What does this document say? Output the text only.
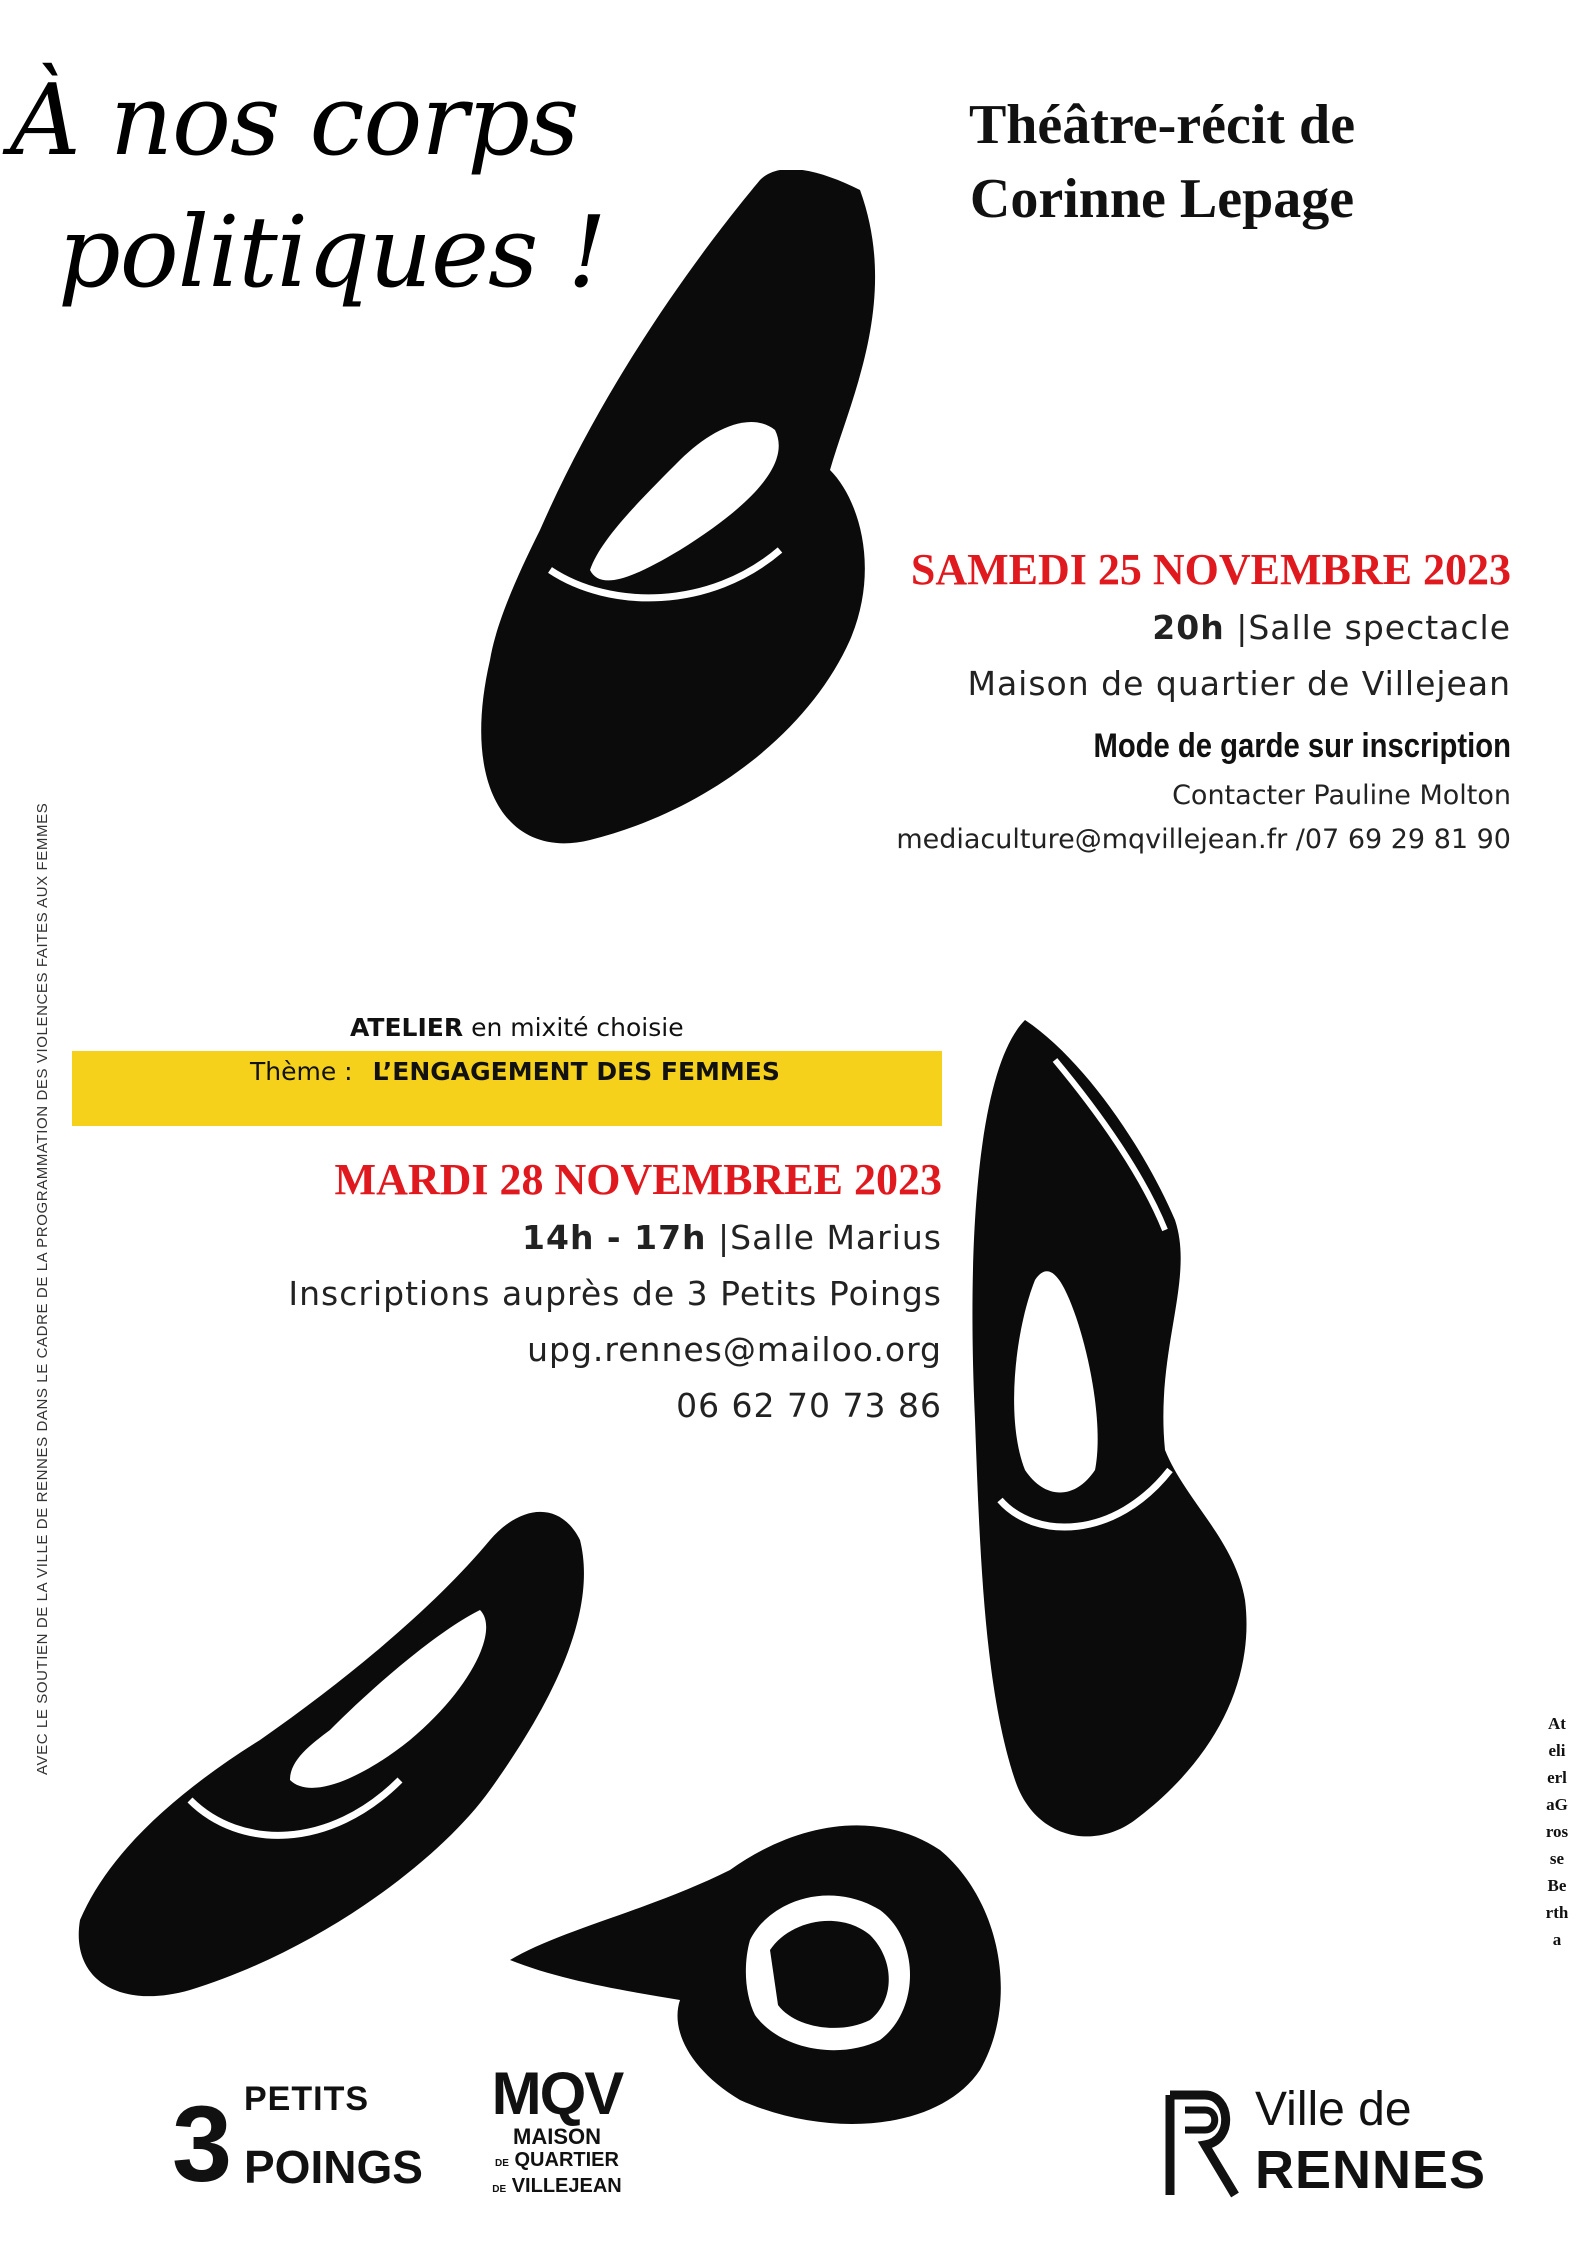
À nos corps
politiques !
Théâtre-récit de
Corinne Lepage
SAMEDI 25 NOVEMBRE 2023
20h |Salle spectacle
Maison de quartier de Villejean
Mode de garde sur inscription
Contacter Pauline Molton
mediaculture@mqvillejean.fr /07 69 29 81 90
ATELIER en mixité choisie
Thème : L’ENGAGEMENT DES FEMMES
MARDI 28 NOVEMBREE 2023
14h - 17h |Salle Marius
Inscriptions auprès de 3 Petits Poings
upg.rennes@mailoo.org
06 62 70 73 86
AVEC LE SOUTIEN DE LA VILLE DE RENNES DANS LE CADRE DE LA PROGRAMMATION DES VIOLENCES FAITES AUX FEMMES	AtelierlaGrosseBertha
3 PETITS
POINGS
MQV
MAISON
DE QUARTIER
DE VILLEJEAN
Ville de
RENNES
